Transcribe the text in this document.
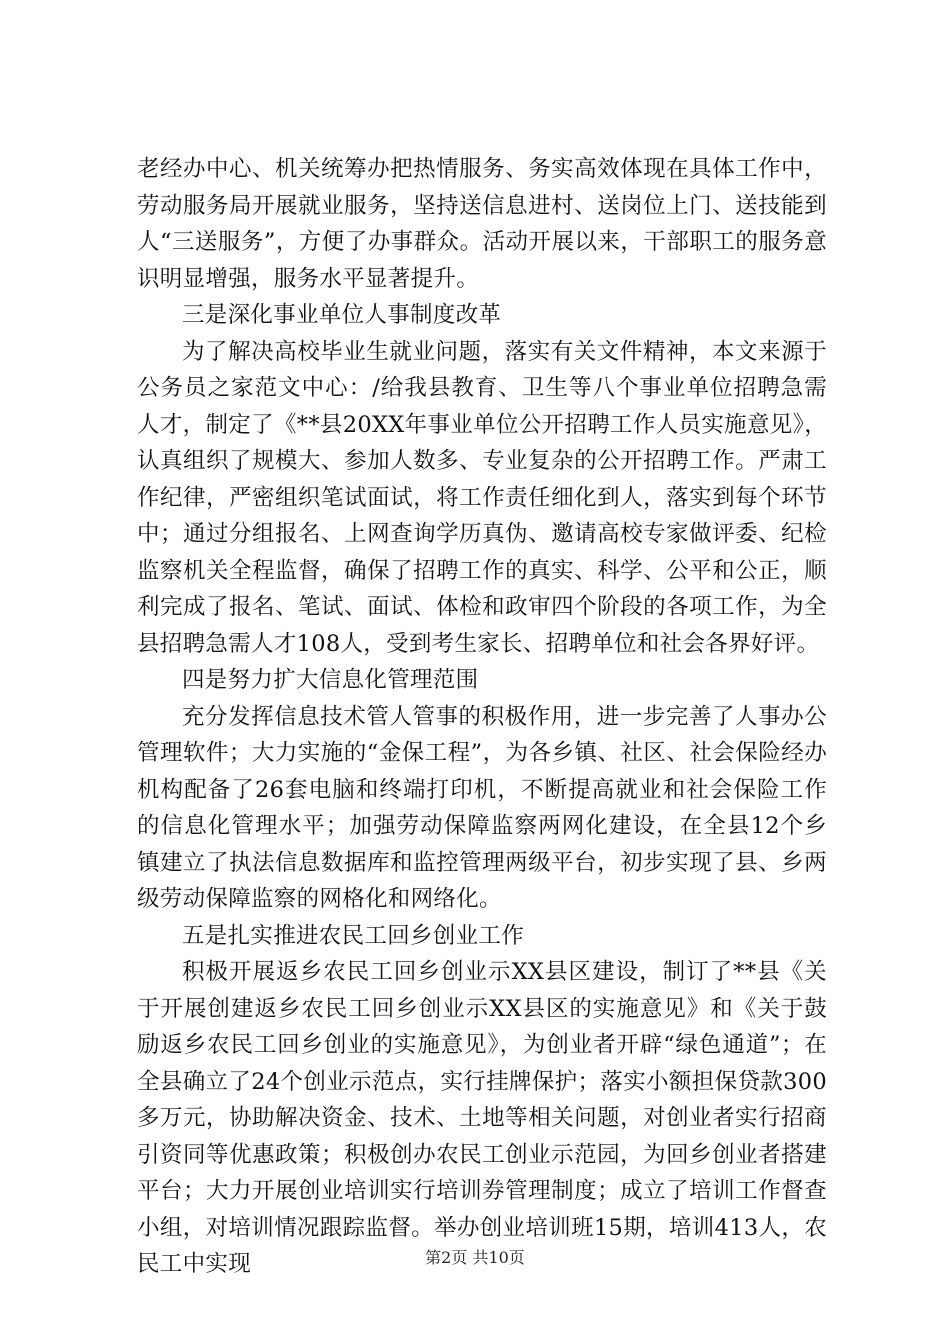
老经办中心、机关统筹办把热情服务、务实高效体现在具体工作中，劳动服务局开展就业服务，坚持送信息进村、送岗位上门、送技能到人“三送服务”，方便了办事群众。活动开展以来，干部职工的服务意识明显增强，服务水平显著提升。

三是深化事业单位人事制度改革

为了解决高校毕业生就业问题，落实有关文件精神，本文来源于公务员之家范文中心：/给我县教育、卫生等八个事业单位招聘急需人才，制定了《**县20XX年事业单位公开招聘工作人员实施意见》，认真组织了规模大、参加人数多、专业复杂的公开招聘工作。严肃工作纪律，严密组织笔试面试，将工作责任细化到人，落实到每个环节中；通过分组报名、上网查询学历真伪、邀请高校专家做评委、纪检监察机关全程监督，确保了招聘工作的真实、科学、公平和公正，顺利完成了报名、笔试、面试、体检和政审四个阶段的各项工作，为全县招聘急需人才108人，受到考生家长、招聘单位和社会各界好评。

四是努力扩大信息化管理范围

充分发挥信息技术管人管事的积极作用，进一步完善了人事办公管理软件；大力实施的“金保工程”，为各乡镇、社区、社会保险经办机构配备了26套电脑和终端打印机，不断提高就业和社会保险工作的信息化管理水平；加强劳动保障监察两网化建设，在全县12个乡镇建立了执法信息数据库和监控管理两级平台，初步实现了县、乡两级劳动保障监察的网格化和网络化。

五是扎实推进农民工回乡创业工作

积极开展返乡农民工回乡创业示XX县区建设，制订了**县《关于开展创建返乡农民工回乡创业示XX县区的实施意见》和《关于鼓励返乡农民工回乡创业的实施意见》，为创业者开辟“绿色通道”；在全县确立了24个创业示范点，实行挂牌保护；落实小额担保贷款300多万元，协助解决资金、技术、土地等相关问题，对创业者实行招商引资同等优惠政策；积极创办农民工创业示范园，为回乡创业者搭建平台；大力开展创业培训实行培训券管理制度；成立了培训工作督查小组，对培训情况跟踪监督。举办创业培训班15期，培训413人，农民工中实现	第2页 共10页
